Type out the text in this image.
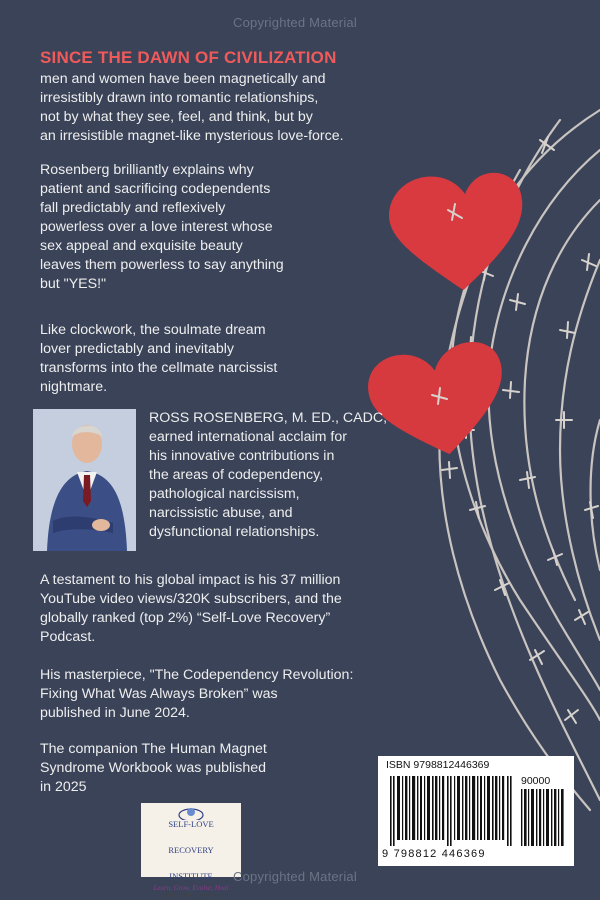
Copyrighted Material
SINCE THE DAWN OF CIVILIZATION
men and women have been magnetically and
irresistibly drawn into romantic relationships,
not by what they see, feel, and think, but by
an irresistible magnet-like mysterious love-force.
Rosenberg brilliantly explains why
patient and sacrificing codependents
fall predictably and reflexively
powerless over a love interest whose
sex appeal and exquisite beauty
leaves them powerless to say anything
but "YES!"
Like clockwork, the soulmate dream
lover predictably and inevitably
transforms into the cellmate narcissist
nightmare.
ROSS ROSENBERG, M. ED., CADC,
earned international acclaim for
his innovative contributions in
the areas of codependency,
pathological narcissism,
narcissistic abuse, and
dysfunctional relationships.
A testament to his global impact is his 37 million
YouTube video views/320K subscribers, and the
globally ranked (top 2%) “Self-Love Recovery”
Podcast.
His masterpiece, "The Codependency Revolution:
Fixing What Was Always Broken” was
published in June 2024.
The companion The Human Magnet
Syndrome Workbook was published
in 2025
SELF-LOVE
RECOVERY
INSTITUTE
Learn, Grow, Evolve, Heal
Self-LoveRecovery.com
ISBN 9798812446369
90000
9 798812 446369
Copyrighted Material
